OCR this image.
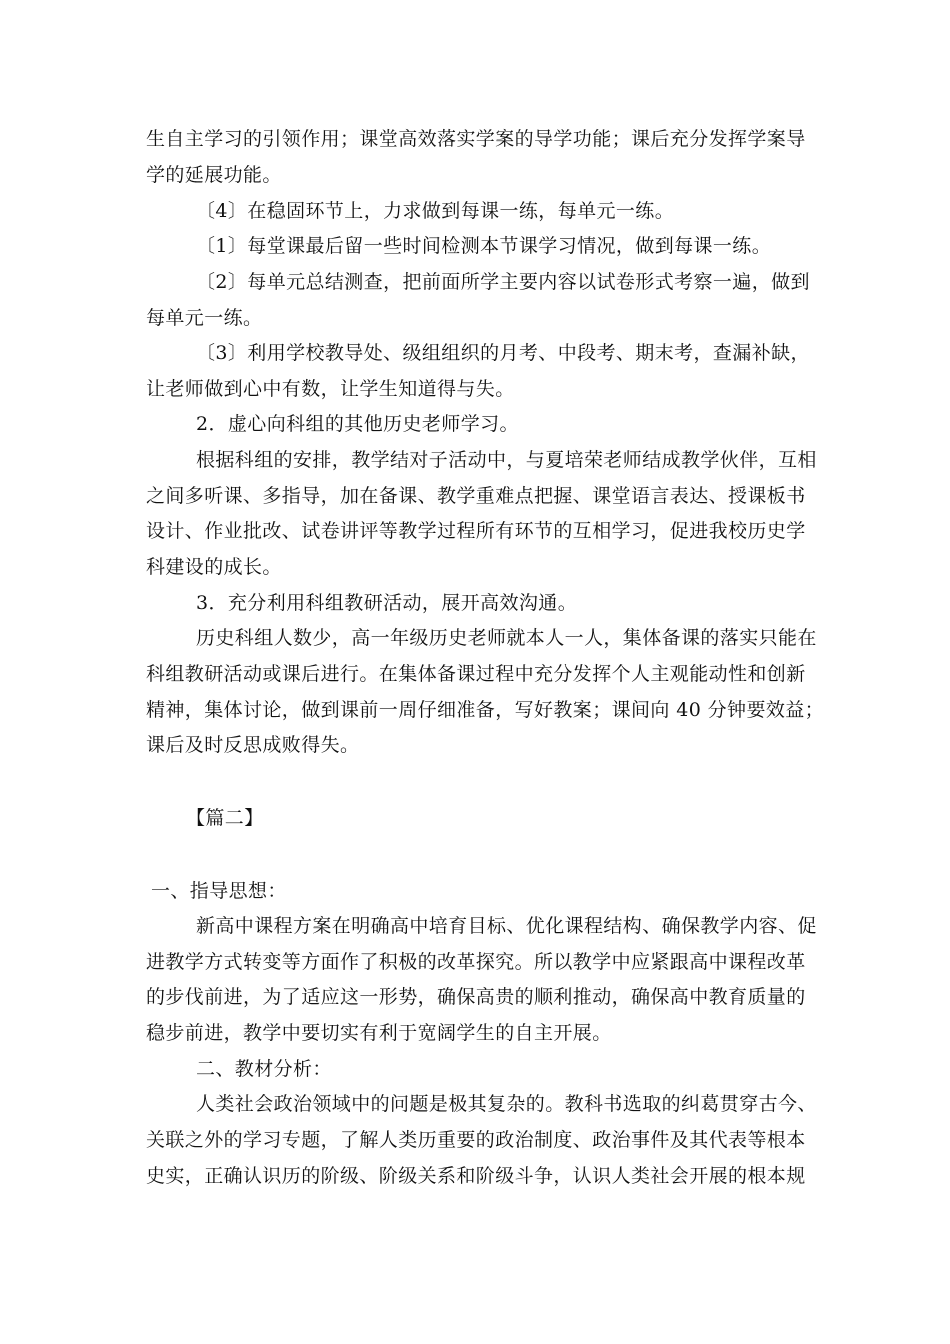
生自主学习的引领作用；课堂高效落实学案的导学功能；课后充分发挥学案导
学的延展功能。
〔4〕在稳固环节上，力求做到每课一练，每单元一练。
〔1〕每堂课最后留一些时间检测本节课学习情况，做到每课一练。
〔2〕每单元总结测查，把前面所学主要内容以试卷形式考察一遍，做到
每单元一练。
〔3〕利用学校教导处、级组组织的月考、中段考、期末考，查漏补缺，
让老师做到心中有数，让学生知道得与失。
2．虚心向科组的其他历史老师学习。
根据科组的安排，教学结对子活动中，与夏培荣老师结成教学伙伴，互相
之间多听课、多指导，加在备课、教学重难点把握、课堂语言表达、授课板书
设计、作业批改、试卷讲评等教学过程所有环节的互相学习，促进我校历史学
科建设的成长。
3．充分利用科组教研活动，展开高效沟通。
历史科组人数少，高一年级历史老师就本人一人，集体备课的落实只能在
科组教研活动或课后进行。在集体备课过程中充分发挥个人主观能动性和创新
精神，集体讨论，做到课前一周仔细准备，写好教案；课间向 40 分钟要效益；
课后及时反思成败得失。
【篇二】
一、指导思想：
新高中课程方案在明确高中培育目标、优化课程结构、确保教学内容、促
进教学方式转变等方面作了积极的改革探究。所以教学中应紧跟高中课程改革
的步伐前进，为了适应这一形势，确保高贵的顺利推动，确保高中教育质量的
稳步前进，教学中要切实有利于宽阔学生的自主开展。
二、教材分析：
人类社会政治领域中的问题是极其复杂的。教科书选取的纠葛贯穿古今、
关联之外的学习专题，了解人类历重要的政治制度、政治事件及其代表等根本
史实，正确认识历的阶级、阶级关系和阶级斗争，认识人类社会开展的根本规
